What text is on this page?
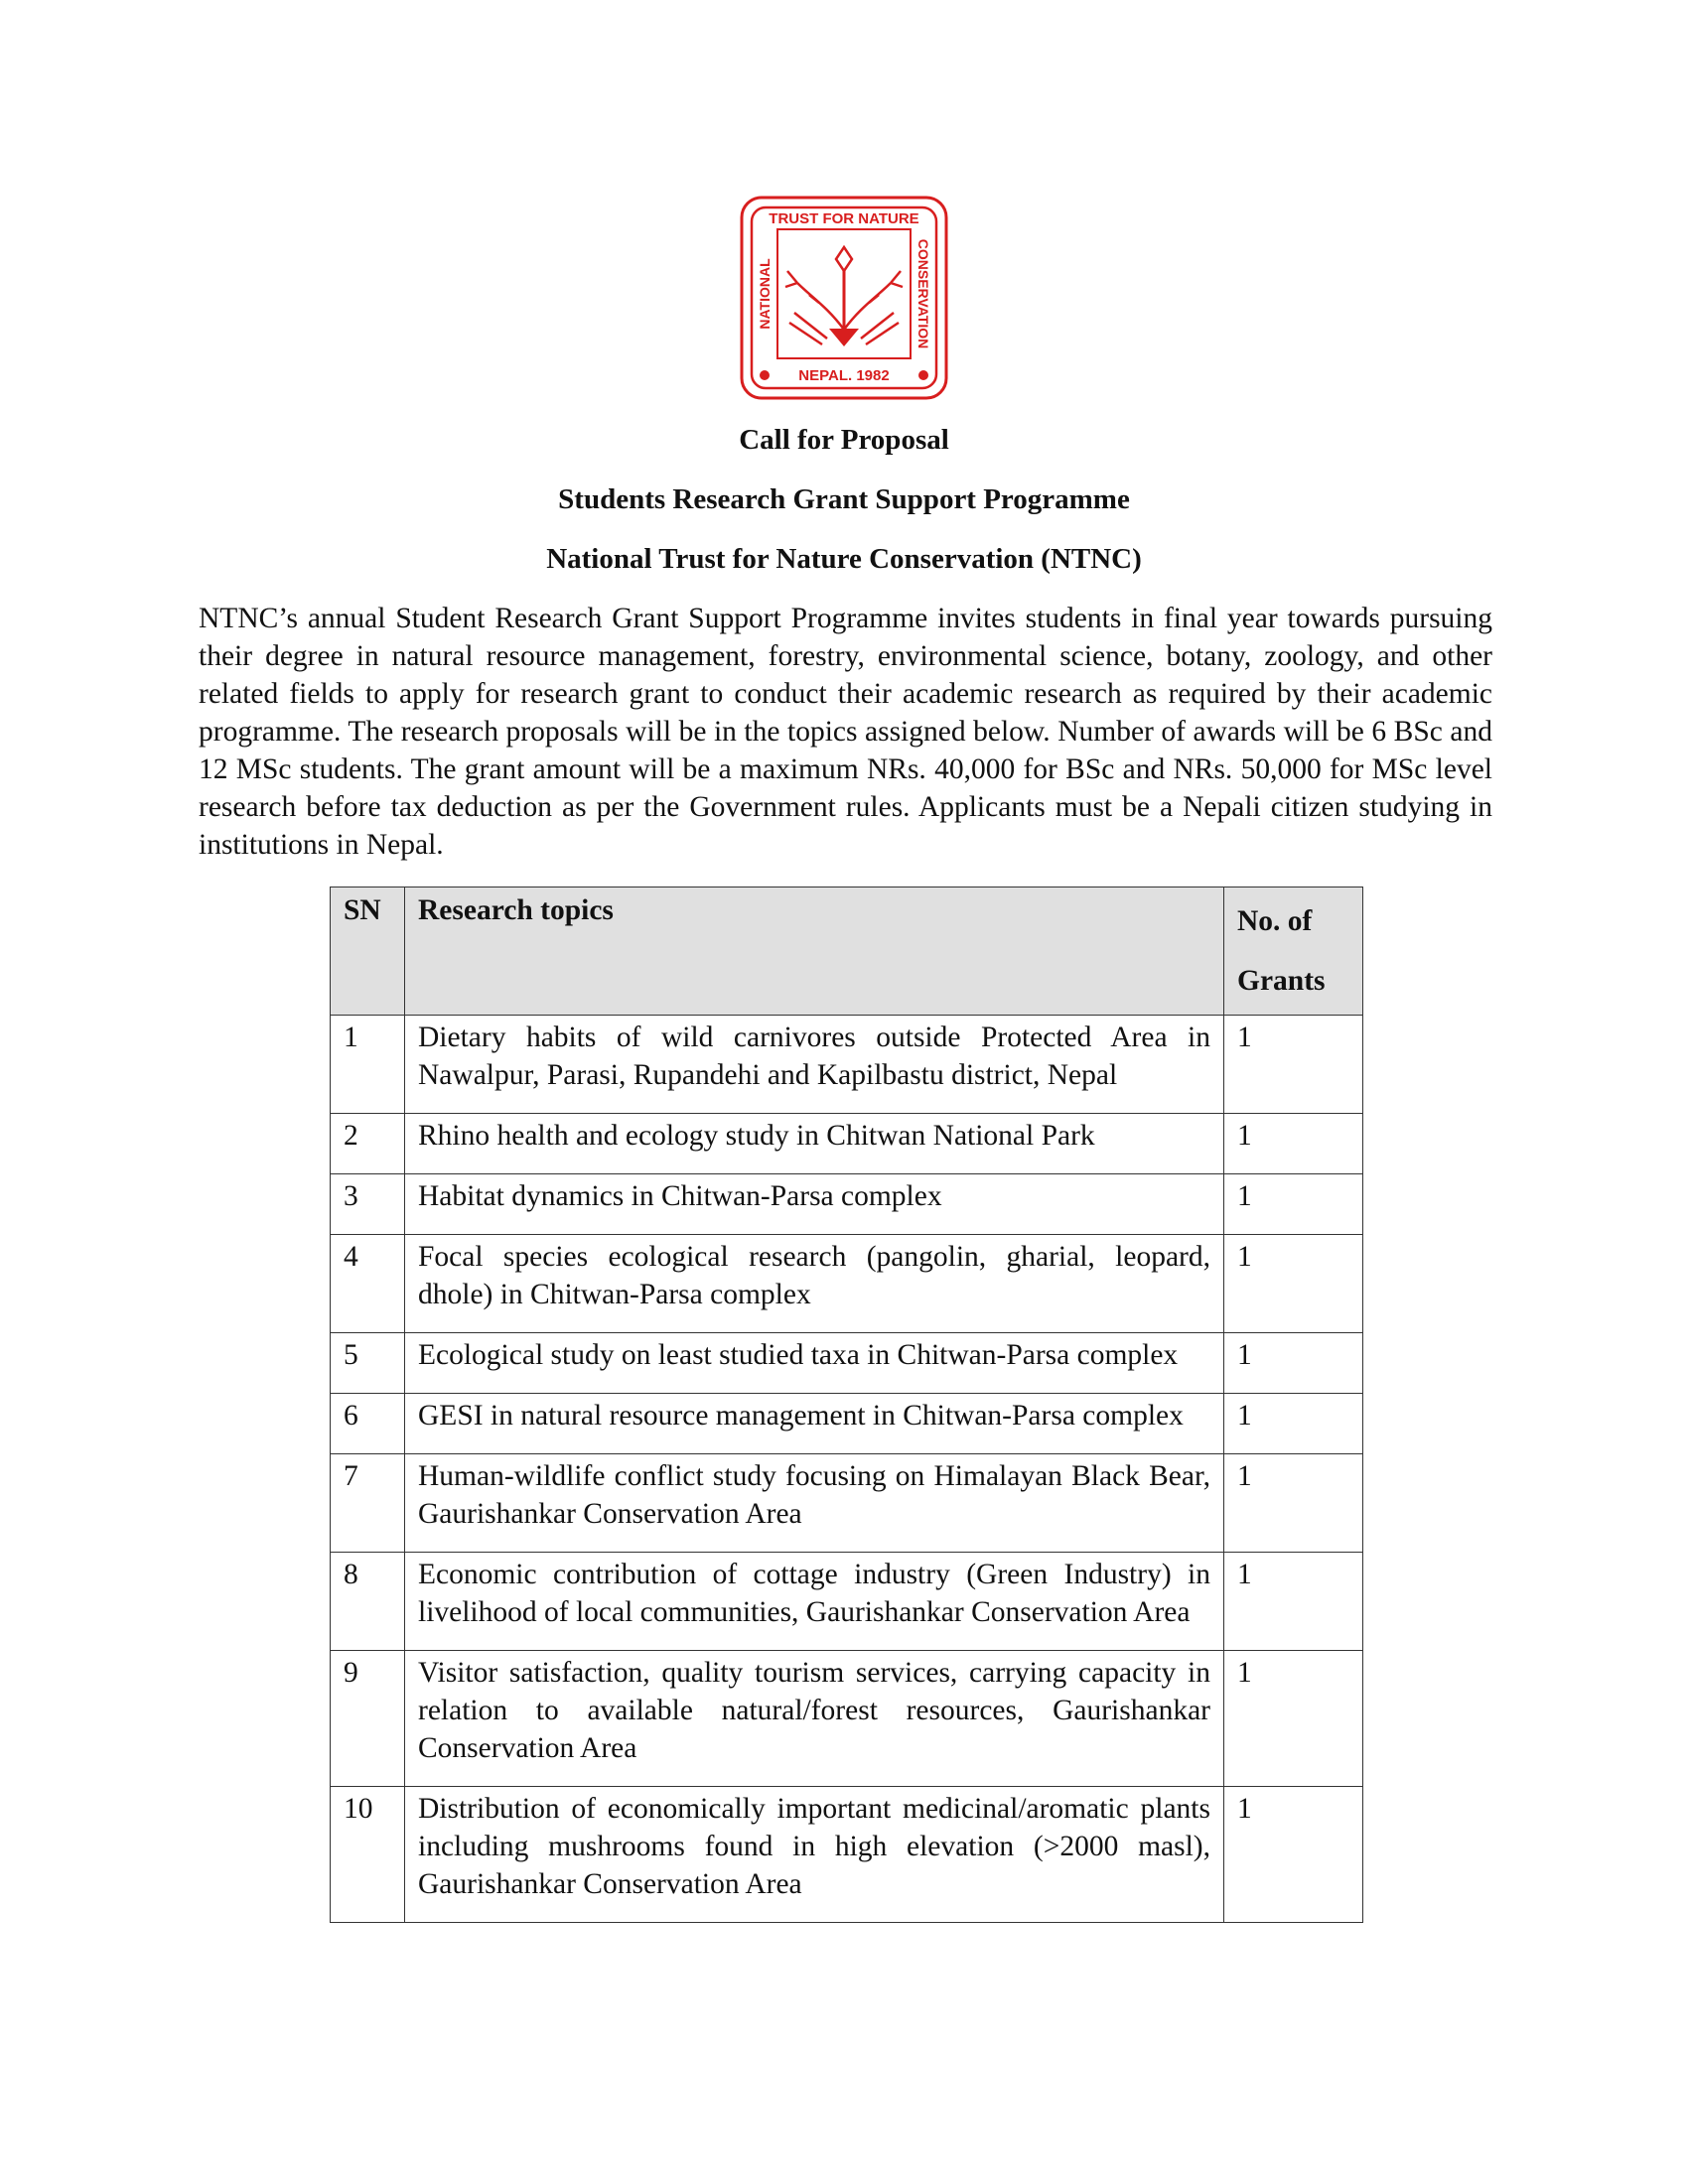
TRUST FOR NATURE
NEPAL. 1982
NATIONAL	CONSERVATION
Call for Proposal
Students Research Grant Support Programme
National Trust for Nature Conservation (NTNC)

NTNC’s annual Student Research Grant Support Programme invites students in final year towards pursuing their degree in natural resource management, forestry, environmental science, botany, zoology, and other related fields to apply for research grant to conduct their academic research as required by their academic programme. The research proposals will be in the topics assigned below. Number of awards will be 6 BSc and 12 MSc students. The grant amount will be a maximum NRs. 40,000 for BSc and NRs. 50,000 for MSc level research before tax deduction as per the Government rules. Applicants must be a Nepali citizen studying in institutions in Nepal.

SN	Research topics	No. of
Grants

1	Dietary habits of wild carnivores outside Protected Area in Nawalpur, Parasi, Rupandehi and Kapilbastu district, Nepal	1
2	Rhino health and ecology study in Chitwan National Park	1
3	Habitat dynamics in Chitwan-Parsa complex	1
4	Focal species ecological research (pangolin, gharial, leopard, dhole) in Chitwan-Parsa complex	1
5	Ecological study on least studied taxa in Chitwan-Parsa complex	1
6	GESI in natural resource management in Chitwan-Parsa complex	1
7	Human-wildlife conflict study focusing on Himalayan Black Bear, Gaurishankar Conservation Area	1
8	Economic contribution of cottage industry (Green Industry) in livelihood of local communities, Gaurishankar Conservation Area	1
9	Visitor satisfaction, quality tourism services, carrying capacity in relation to available natural/forest resources, Gaurishankar Conservation Area	1
10	Distribution of economically important medicinal/aromatic plants including mushrooms found in high elevation (>2000 masl), Gaurishankar Conservation Area	1
